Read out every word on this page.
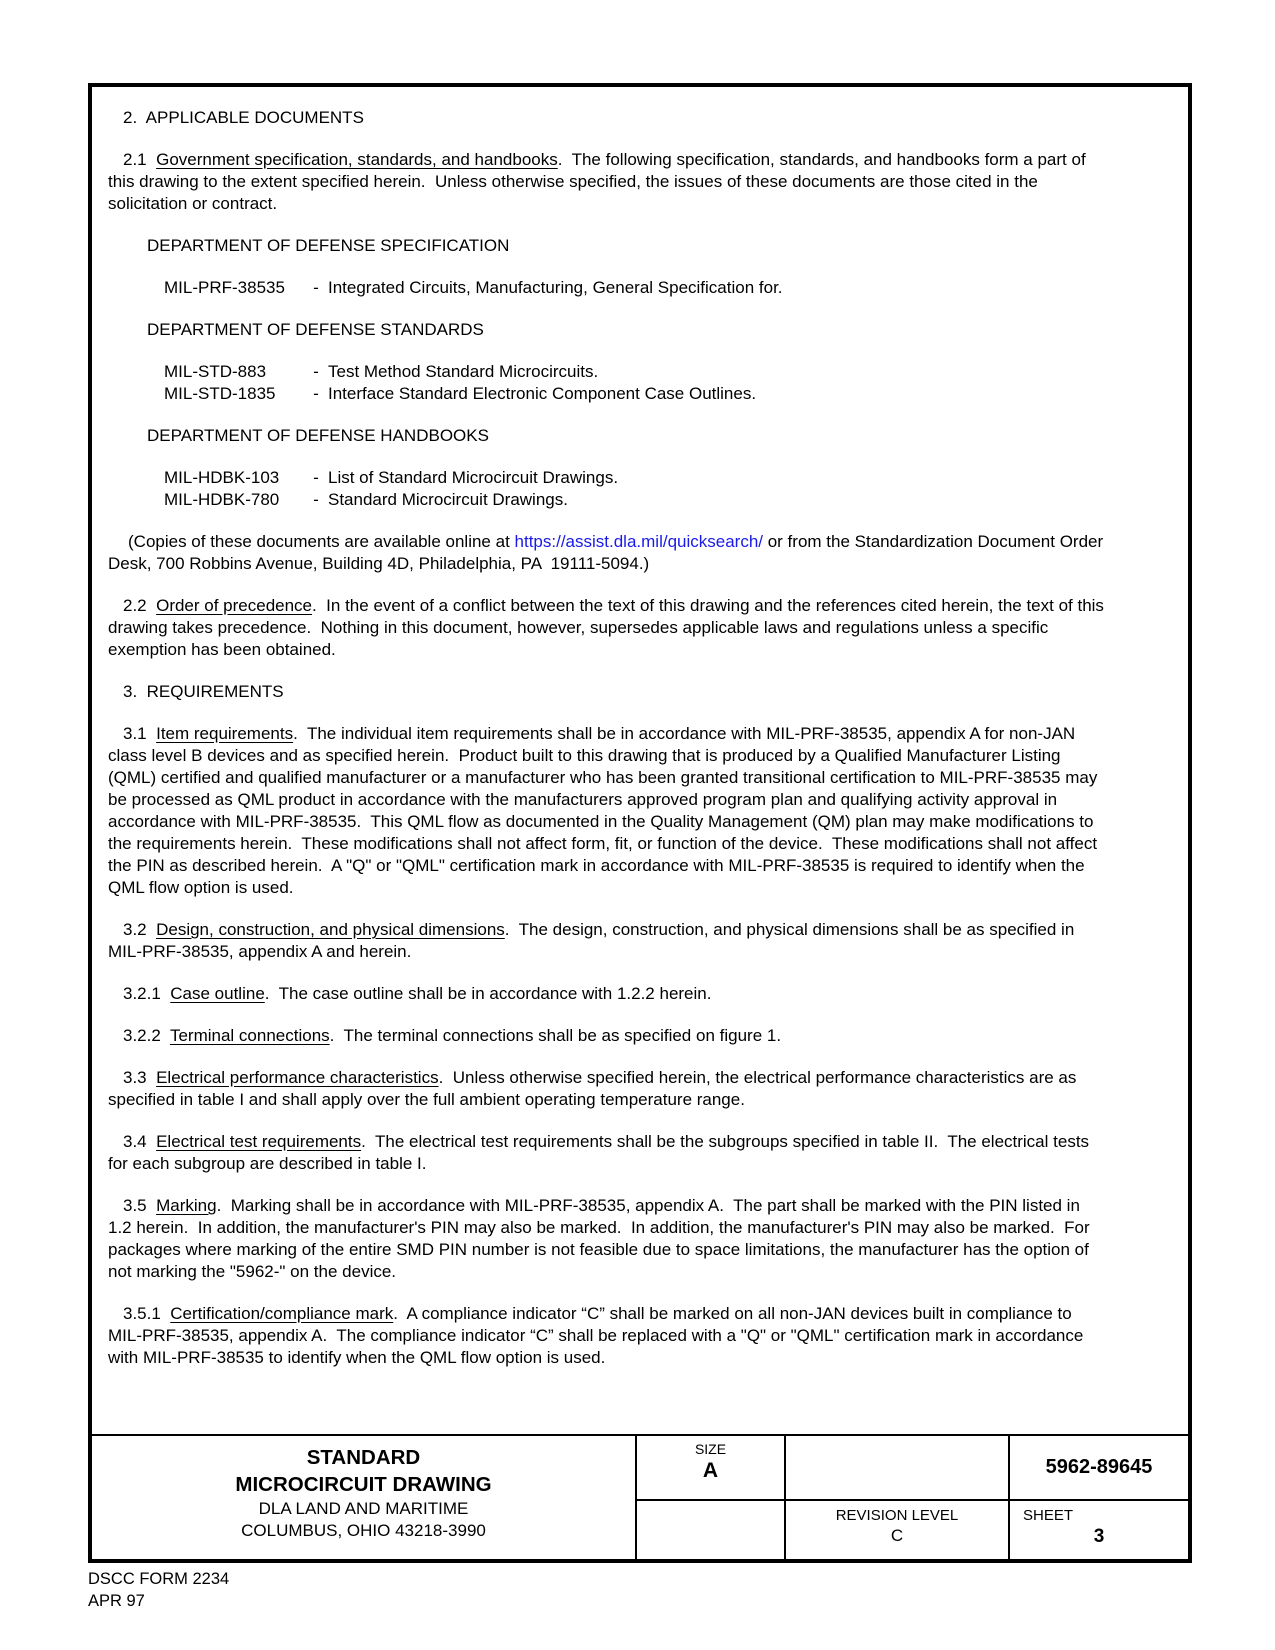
2.  APPLICABLE DOCUMENTS
2.1  Government specification, standards, and handbooks.  The following specification, standards, and handbooks form a part of this drawing to the extent specified herein.  Unless otherwise specified, the issues of these documents are those cited in the solicitation or contract.
DEPARTMENT OF DEFENSE SPECIFICATION
MIL-PRF-38535	- Integrated Circuits, Manufacturing, General Specification for.
DEPARTMENT OF DEFENSE STANDARDS
MIL-STD-883	- Test Method Standard Microcircuits.
MIL-STD-1835	- Interface Standard Electronic Component Case Outlines.
DEPARTMENT OF DEFENSE HANDBOOKS
MIL-HDBK-103	- List of Standard Microcircuit Drawings.
MIL-HDBK-780	- Standard Microcircuit Drawings.
(Copies of these documents are available online at https://assist.dla.mil/quicksearch/ or from the Standardization Document Order Desk, 700 Robbins Avenue, Building 4D, Philadelphia, PA  19111-5094.)
2.2  Order of precedence.  In the event of a conflict between the text of this drawing and the references cited herein, the text of this drawing takes precedence.  Nothing in this document, however, supersedes applicable laws and regulations unless a specific exemption has been obtained.
3.  REQUIREMENTS
3.1  Item requirements.  The individual item requirements shall be in accordance with MIL-PRF-38535, appendix A for non-JAN class level B devices and as specified herein.  Product built to this drawing that is produced by a Qualified Manufacturer Listing (QML) certified and qualified manufacturer or a manufacturer who has been granted transitional certification to MIL-PRF-38535 may be processed as QML product in accordance with the manufacturers approved program plan and qualifying activity approval in accordance with MIL-PRF-38535.  This QML flow as documented in the Quality Management (QM) plan may make modifications to the requirements herein.  These modifications shall not affect form, fit, or function of the device.  These modifications shall not affect the PIN as described herein.  A "Q" or "QML" certification mark in accordance with MIL-PRF-38535 is required to identify when the QML flow option is used.
3.2  Design, construction, and physical dimensions.  The design, construction, and physical dimensions shall be as specified in MIL-PRF-38535, appendix A and herein.
3.2.1  Case outline.  The case outline shall be in accordance with 1.2.2 herein.
3.2.2  Terminal connections.  The terminal connections shall be as specified on figure 1.
3.3  Electrical performance characteristics.  Unless otherwise specified herein, the electrical performance characteristics are as specified in table I and shall apply over the full ambient operating temperature range.
3.4  Electrical test requirements.  The electrical test requirements shall be the subgroups specified in table II.  The electrical tests for each subgroup are described in table I.
3.5  Marking.  Marking shall be in accordance with MIL-PRF-38535, appendix A.  The part shall be marked with the PIN listed in 1.2 herein.  In addition, the manufacturer's PIN may also be marked.  In addition, the manufacturer's PIN may also be marked.  For packages where marking of the entire SMD PIN number is not feasible due to space limitations, the manufacturer has the option of not marking the "5962-" on the device.
3.5.1  Certification/compliance mark.  A compliance indicator “C” shall be marked on all non-JAN devices built in compliance to MIL-PRF-38535, appendix A.  The compliance indicator “C” shall be replaced with a "Q" or "QML" certification mark in accordance with MIL-PRF-38535 to identify when the QML flow option is used.
STANDARD
MICROCIRCUIT DRAWING
DLA LAND AND MARITIME
COLUMBUS, OHIO 43218-3990
SIZE
A	5962-89645
REVISION LEVEL
C
SHEET
3
DSCC FORM 2234
APR 97
